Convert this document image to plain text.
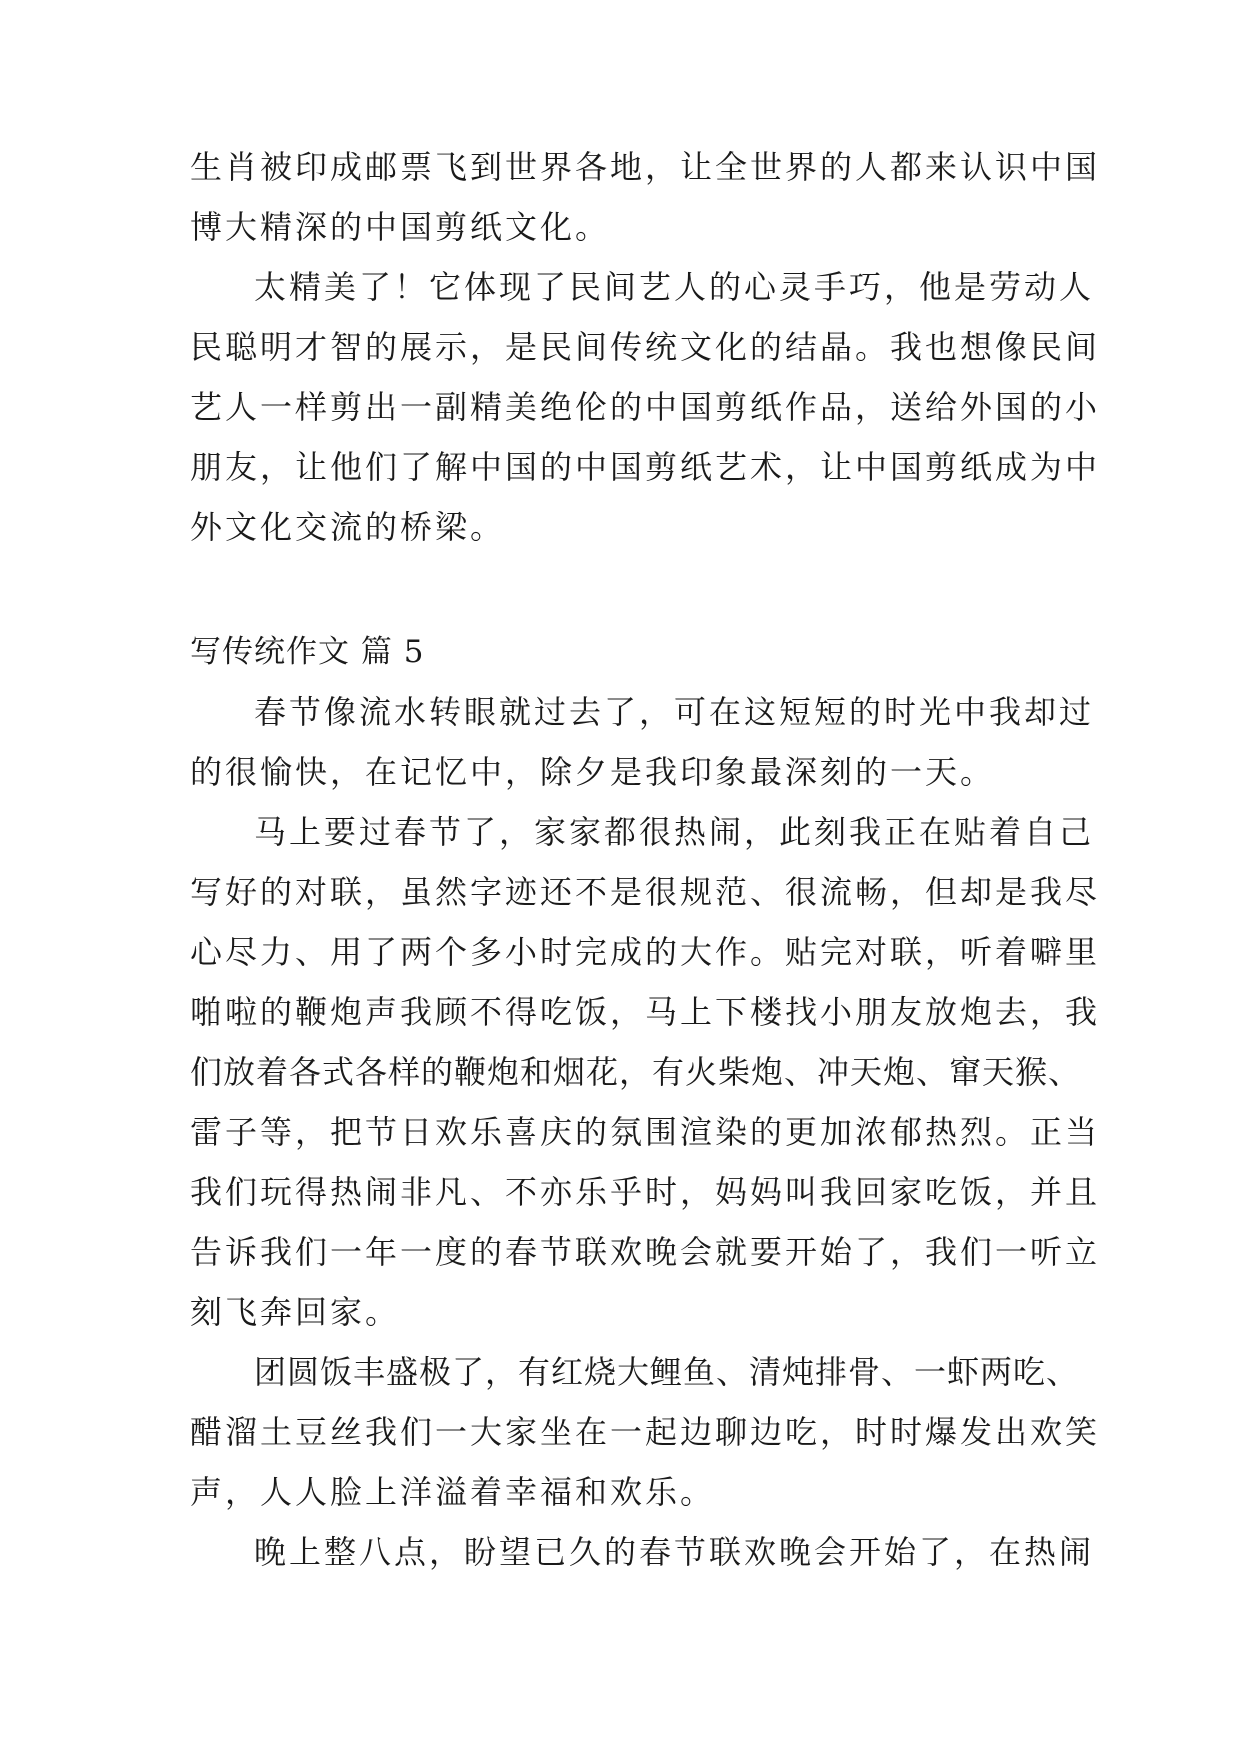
生肖被印成邮票飞到世界各地，让全世界的人都来认识中国
博大精深的中国剪纸文化。
太精美了！它体现了民间艺人的心灵手巧，他是劳动人
民聪明才智的展示，是民间传统文化的结晶。我也想像民间
艺人一样剪出一副精美绝伦的中国剪纸作品，送给外国的小
朋友，让他们了解中国的中国剪纸艺术，让中国剪纸成为中
外文化交流的桥梁。
写传统作文 篇 5
春节像流水转眼就过去了，可在这短短的时光中我却过
的很愉快，在记忆中，除夕是我印象最深刻的一天。
马上要过春节了，家家都很热闹，此刻我正在贴着自己
写好的对联，虽然字迹还不是很规范、很流畅，但却是我尽
心尽力、用了两个多小时完成的大作。贴完对联，听着噼里
啪啦的鞭炮声我顾不得吃饭，马上下楼找小朋友放炮去，我
们放着各式各样的鞭炮和烟花，有火柴炮、冲天炮、窜天猴、
雷子等，把节日欢乐喜庆的氛围渲染的更加浓郁热烈。正当
我们玩得热闹非凡、不亦乐乎时，妈妈叫我回家吃饭，并且
告诉我们一年一度的春节联欢晚会就要开始了，我们一听立
刻飞奔回家。
团圆饭丰盛极了，有红烧大鲤鱼、清炖排骨、一虾两吃、
醋溜土豆丝我们一大家坐在一起边聊边吃，时时爆发出欢笑
声，人人脸上洋溢着幸福和欢乐。
晚上整八点，盼望已久的春节联欢晚会开始了，在热闹
